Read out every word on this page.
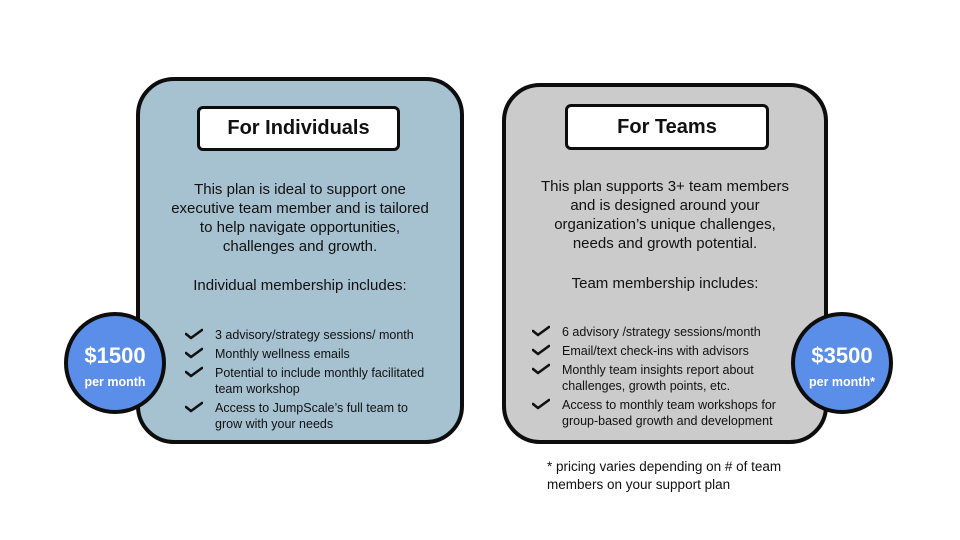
For Individuals
This plan is ideal to support one
executive team member and is tailored
to help navigate opportunities,
challenges and growth.
Individual membership includes:
3 advisory/strategy sessions/ month
Monthly wellness emails
Potential to include monthly facilitated
team workshop
Access to JumpScale’s full team to
grow with your needs
For Teams
This plan supports 3+ team members
and is designed around your
organization’s unique challenges,
needs and growth potential.
Team membership includes:
6 advisory /strategy sessions/month
Email/text check-ins with advisors
Monthly team insights report about
challenges, growth points, etc.
Access to monthly team workshops for
group-based growth and development
$1500
per month
$3500
per month*
* pricing varies depending on # of team
members on your support plan
